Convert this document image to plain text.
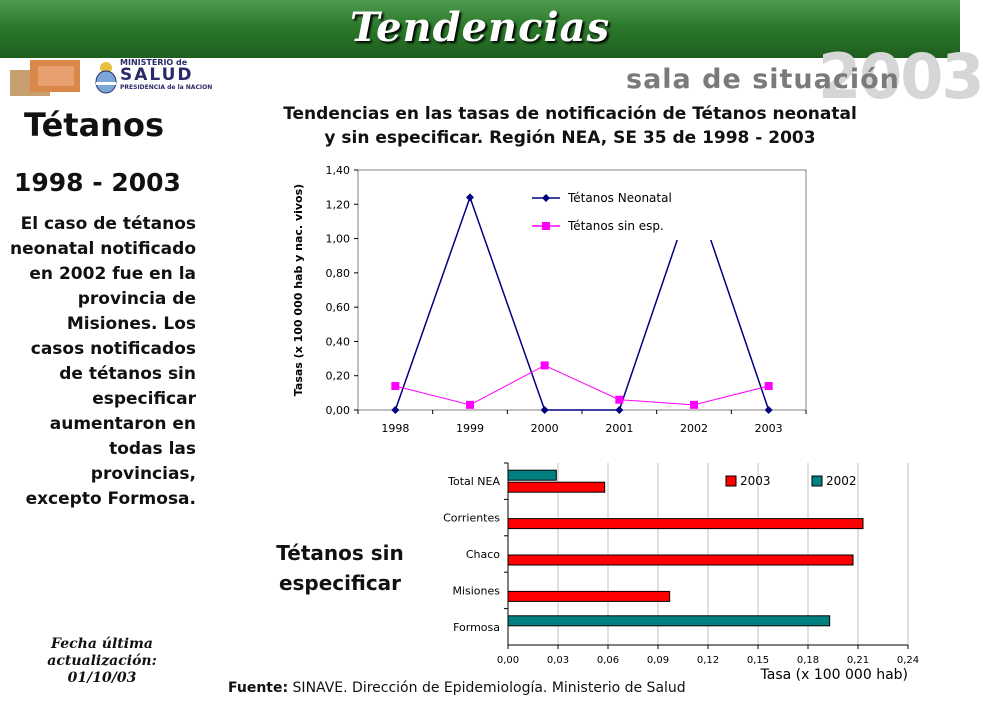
Tendencias
MINISTERIO de
SALUD
PRESIDENCIA de la NACION	2003
sala de situación
Tétanos	Tendencias en las tasas de notificación de Tétanos neonatal
y sin especificar. Región NEA, SE 35 de 1998 - 2003
1998 - 2003
El caso de tétanos neonatal notificado en 2002 fue en la provincia de Misiones. Los casos notificados de tétanos sin especificar aumentaron en todas las provincias, excepto Formosa.
Fecha última actualización:
01/10/03
Tétanos sin
especificar
Fuente: SINAVE. Dirección de Epidemiología. Ministerio de Salud
0,00
0,20
0,40
0,60
0,80
1,00
1,20
1,40
1998	1999	2000	2001	2002	2003
Tasas (x 100 000 hab y nac. vivos)	Tétanos Neonatal
Tétanos sin esp.
0,00	0,03	0,06	0,09	0,12	0,15	0,18	0,21	0,24
Total NEA
Corrientes
Chaco
Misiones
Formosa
2003	2002
Tasa (x 100 000 hab)
